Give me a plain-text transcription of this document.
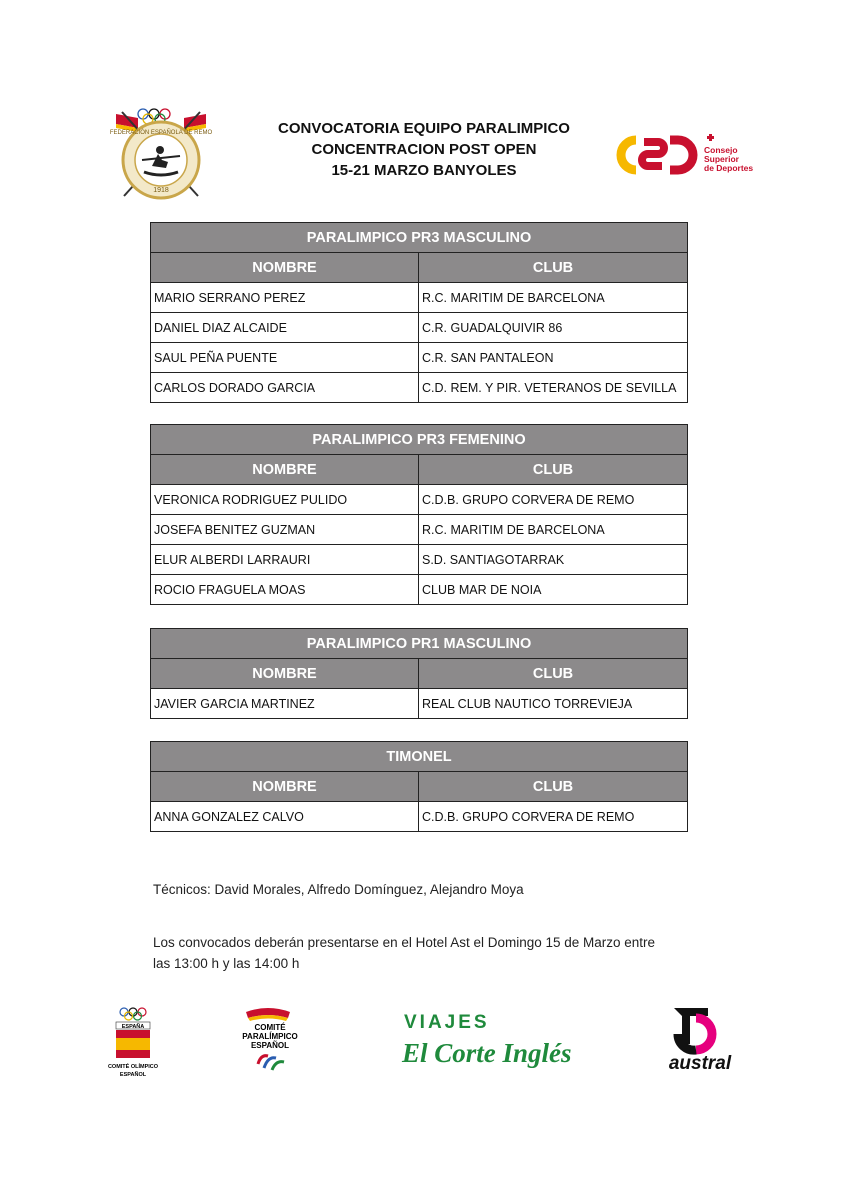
FEDERACIÓN ESPAÑOLA DE REMO
1918
CONVOCATORIA EQUIPO PARALIMPICO
CONCENTRACION POST OPEN
15-21 MARZO BANYOLES
Consejo
Superior
de Deportes
PARALIMPICO PR3 MASCULINO	
NOMBRE	CLUB
MARIO SERRANO PEREZ	R.C. MARITIM DE BARCELONA
DANIEL DIAZ ALCAIDE	C.R. GUADALQUIVIR 86
SAUL PEÑA PUENTE	C.R. SAN PANTALEON
CARLOS DORADO GARCIA	C.D. REM. Y PIR. VETERANOS DE SEVILLA
PARALIMPICO PR3 FEMENINO	
NOMBRE	CLUB
VERONICA RODRIGUEZ PULIDO	C.D.B. GRUPO CORVERA DE REMO
JOSEFA BENITEZ GUZMAN	R.C. MARITIM DE BARCELONA
ELUR ALBERDI LARRAURI	S.D. SANTIAGOTARRAK
ROCIO FRAGUELA MOAS	CLUB MAR DE NOIA
PARALIMPICO PR1 MASCULINO	
NOMBRE	CLUB
JAVIER GARCIA MARTINEZ	REAL CLUB NAUTICO TORREVIEJA
TIMONEL	
NOMBRE	CLUB
ANNA GONZALEZ CALVO	C.D.B. GRUPO CORVERA DE REMO
Técnicos: David Morales, Alfredo Domínguez, Alejandro Moya
Los convocados deberán presentarse en el Hotel Ast el Domingo 15 de Marzo entre
las 13:00 h y las 14:00 h
ESPAÑA
COMITÉ OLÍMPICO
ESPAÑOL
COMITÉ
PARALÍMPICO
ESPAÑOL
VIAJES
El Corte Inglés	austral
